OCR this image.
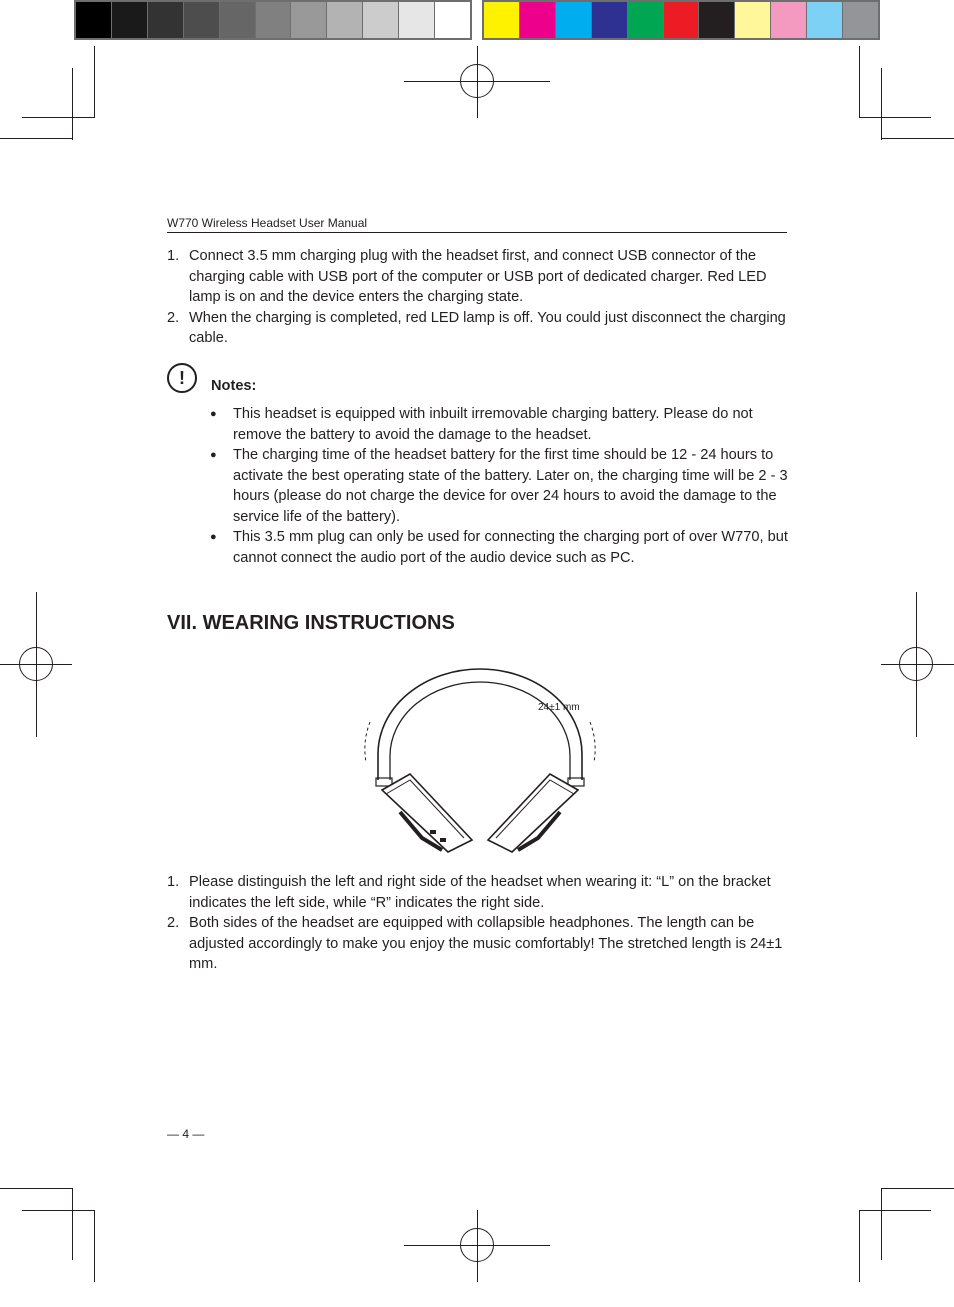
W770 Wireless Headset User Manual
1. Connect 3.5 mm charging plug with the headset first, and connect USB connector of the charging cable with USB port of the computer or USB port of dedicated charger. Red LED lamp is on and the device enters the charging state.
2. When the charging is completed, red LED lamp is off. You could just disconnect the charging cable.
!	Notes:
●	This headset is equipped with inbuilt irremovable charging battery. Please do not remove the battery to avoid the damage to the headset.
●	The charging time of the headset battery for the first time should be 12 - 24 hours to activate the best operating state of the battery. Later on, the charging time will be 2 - 3 hours (please do not charge the device for over 24 hours to avoid the damage to the service life of the battery).
●	This 3.5 mm plug can only be used for connecting the charging port of over W770, but cannot connect the audio port of the audio device such as PC.
VII. WEARING INSTRUCTIONS
24±1 mm
1. Please distinguish the left and right side of the headset when wearing it: “L” on the bracket indicates the left side, while “R” indicates the right side.
2. Both sides of the headset are equipped with collapsible headphones. The length can be adjusted accordingly to make you enjoy the music comfortably! The stretched length is 24±1 mm.
— 4 —
